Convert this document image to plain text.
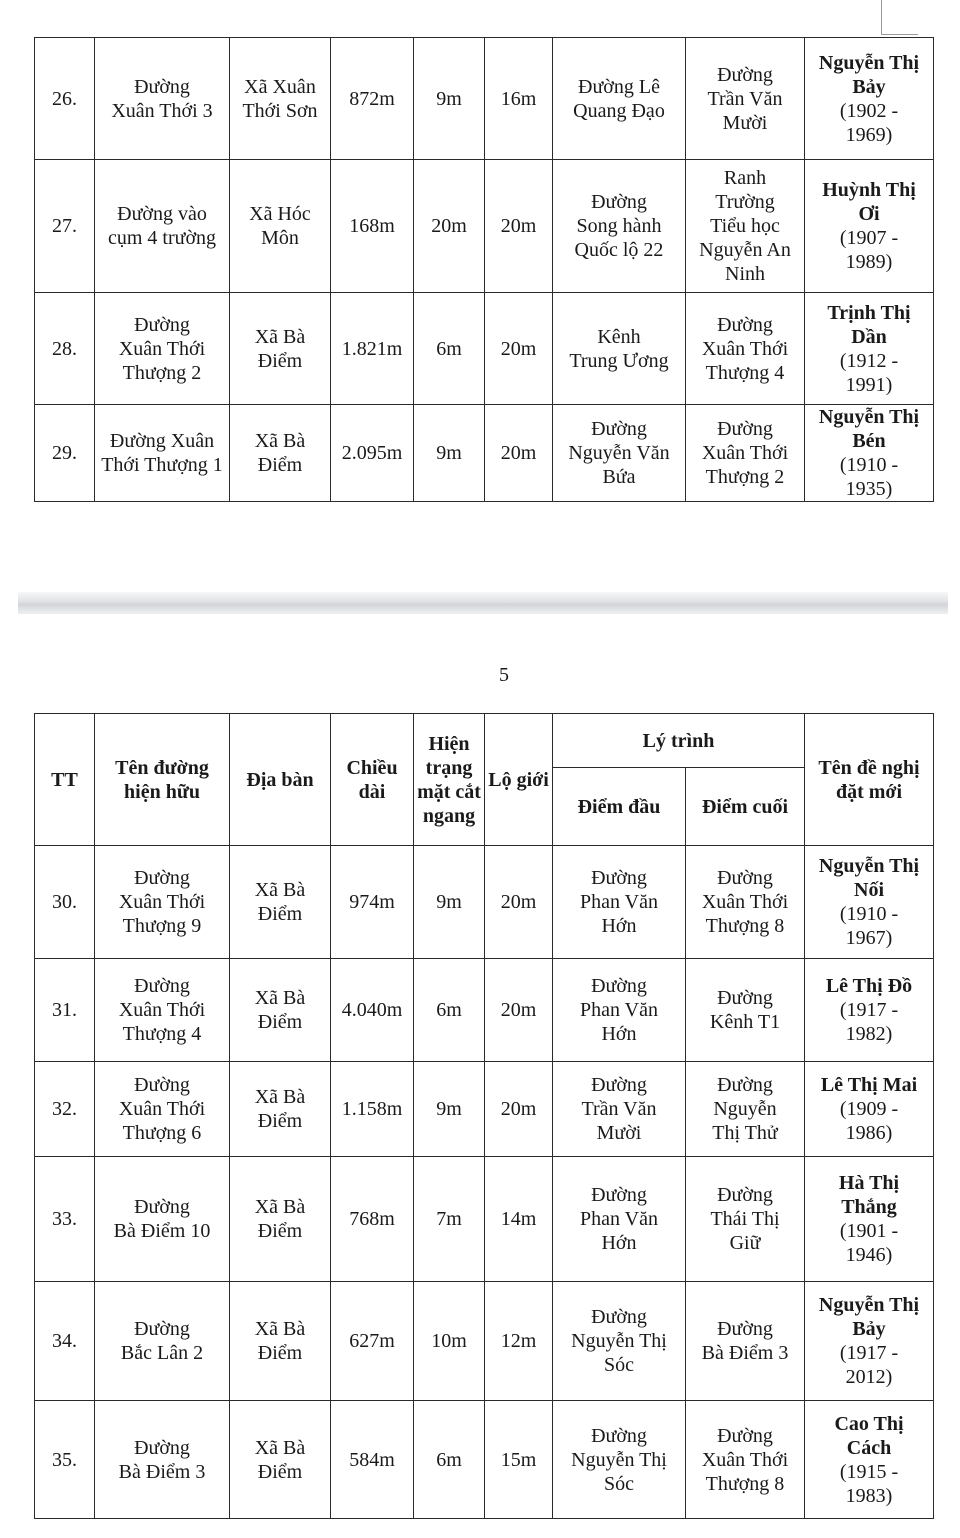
26.	Đường
Xuân Thới 3	Xã Xuân
Thới Sơn	872m	9m	16m	Đường Lê
Quang Đạo	Đường
Trần Văn
Mười	Nguyễn Thị
Bảy
(1902 -
1969)

27.	Đường vào
cụm 4 trường	Xã Hóc
Môn	168m	20m	20m	Đường
Song hành
Quốc lộ 22	Ranh
Trường
Tiểu học
Nguyễn An
Ninh	Huỳnh Thị
Ơi
(1907 -
1989)

28.	Đường
Xuân Thới
Thượng 2	Xã Bà
Điểm	1.821m	6m	20m	Kênh
Trung Ương	Đường
Xuân Thới
Thượng 4	Trịnh Thị
Dần
(1912 -
1991)

29.	Đường Xuân
Thới Thượng 1	Xã Bà
Điểm	2.095m	9m	20m	Đường
Nguyễn Văn
Bứa	Đường
Xuân Thới
Thượng 2	Nguyễn Thị
Bén
(1910 -
1935)
5
TT	Tên đường hiện hữu	Địa bàn	Chiều dài	Hiện trạng mặt cắt ngang	Lộ giới	Lý trình		Tên đề nghị đặt mới
						Điểm đầu	Điểm cuối	
30.	Đường
Xuân Thới
Thượng 9	Xã Bà
Điểm	974m	9m	20m	Đường
Phan Văn
Hớn	Đường
Xuân Thới
Thượng 8	Nguyễn Thị
Nối
(1910 -
1967)

31.	Đường
Xuân Thới
Thượng 4	Xã Bà
Điểm	4.040m	6m	20m	Đường
Phan Văn
Hớn	Đường
Kênh T1	Lê Thị Đồ
(1917 -
1982)

32.	Đường
Xuân Thới
Thượng 6	Xã Bà
Điểm	1.158m	9m	20m	Đường
Trần Văn
Mười	Đường
Nguyễn
Thị Thử	Lê Thị Mai
(1909 -
1986)

33.	Đường
Bà Điểm 10	Xã Bà
Điểm	768m	7m	14m	Đường
Phan Văn
Hớn	Đường
Thái Thị
Giữ	Hà Thị
Thắng
(1901 -
1946)

34.	Đường
Bắc Lân 2	Xã Bà
Điểm	627m	10m	12m	Đường
Nguyễn Thị
Sóc	Đường
Bà Điểm 3	Nguyễn Thị
Bảy
(1917 -
2012)

35.	Đường
Bà Điểm 3	Xã Bà
Điểm	584m	6m	15m	Đường
Nguyễn Thị
Sóc	Đường
Xuân Thới
Thượng 8	Cao Thị
Cách
(1915 -
1983)
